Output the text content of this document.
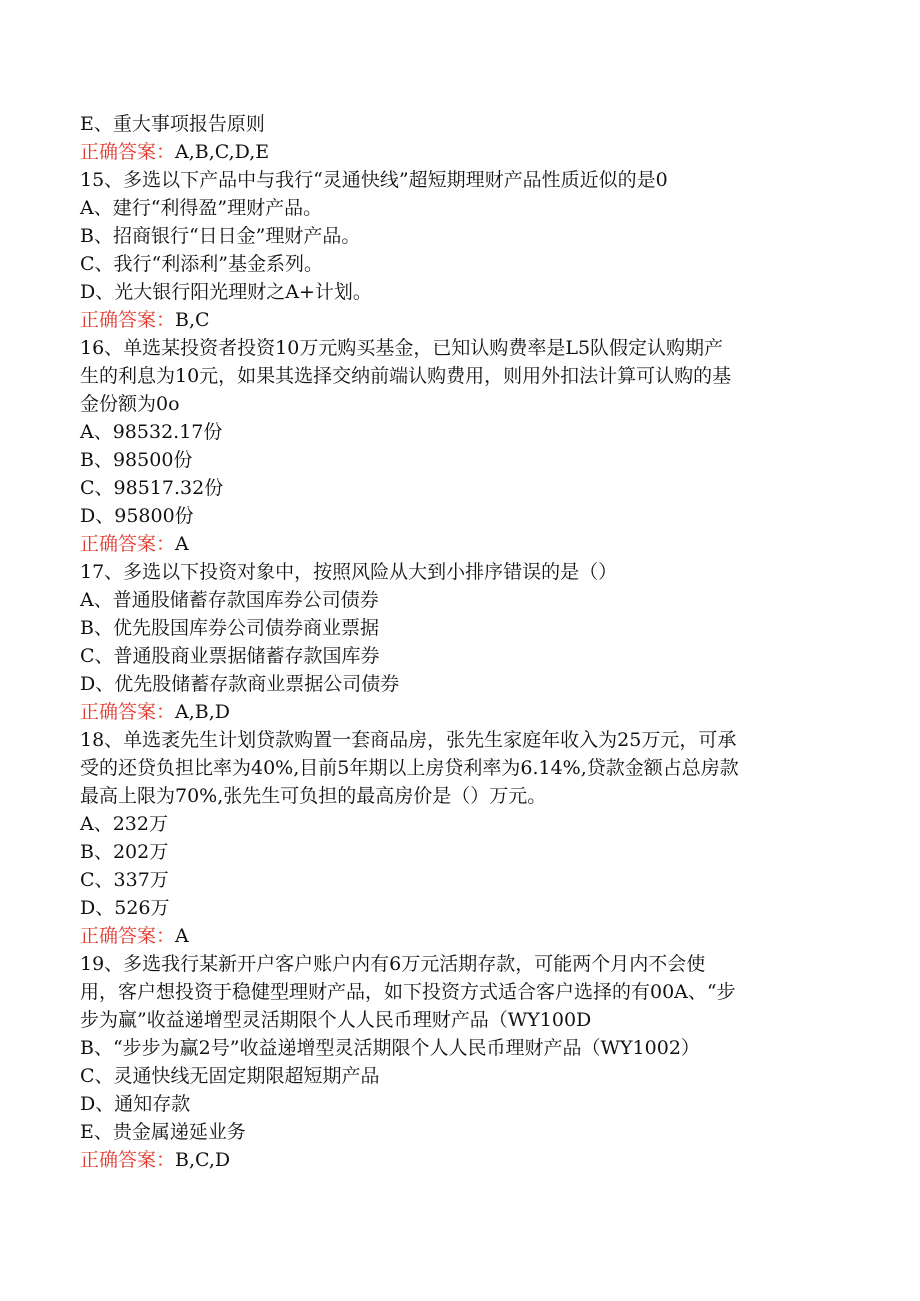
E、重大事项报告原则
正确答案：A,B,C,D,E
15、多选以下产品中与我行“灵通快线”超短期理财产品性质近似的是0
A、建行“利得盈”理财产品。
B、招商银行“日日金”理财产品。
C、我行“利添利”基金系列。
D、光大银行阳光理财之A+计划。
正确答案：B,C
16、单选某投资者投资10万元购买基金，已知认购费率是L5队假定认购期产
生的利息为10元，如果其选择交纳前端认购费用，则用外扣法计算可认购的基
金份额为0o
A、98532.17份
B、98500份
C、98517.32份
D、95800份
正确答案：A
17、多选以下投资对象中，按照风险从大到小排序错误的是（）
A、普通股储蓄存款国库券公司债券
B、优先股国库券公司债券商业票据
C、普通股商业票据储蓄存款国库券
D、优先股储蓄存款商业票据公司债券
正确答案：A,B,D
18、单选袤先生计划贷款购置一套商品房，张先生家庭年收入为25万元，可承
受的还贷负担比率为40%,目前5年期以上房贷利率为6.14%,贷款金额占总房款
最高上限为70%,张先生可负担的最高房价是（）万元。
A、232万
B、202万
C、337万
D、526万
正确答案：A
19、多选我行某新开户客户账户内有6万元活期存款，可能两个月内不会使
用，客户想投资于稳健型理财产品，如下投资方式适合客户选择的有00A、“步
步为赢”收益递增型灵活期限个人人民币理财产品（WY100D
B、“步步为赢2号”收益递增型灵活期限个人人民币理财产品（WY1002）
C、灵通快线无固定期限超短期产品
D、通知存款
E、贵金属递延业务
正确答案：B,C,D
